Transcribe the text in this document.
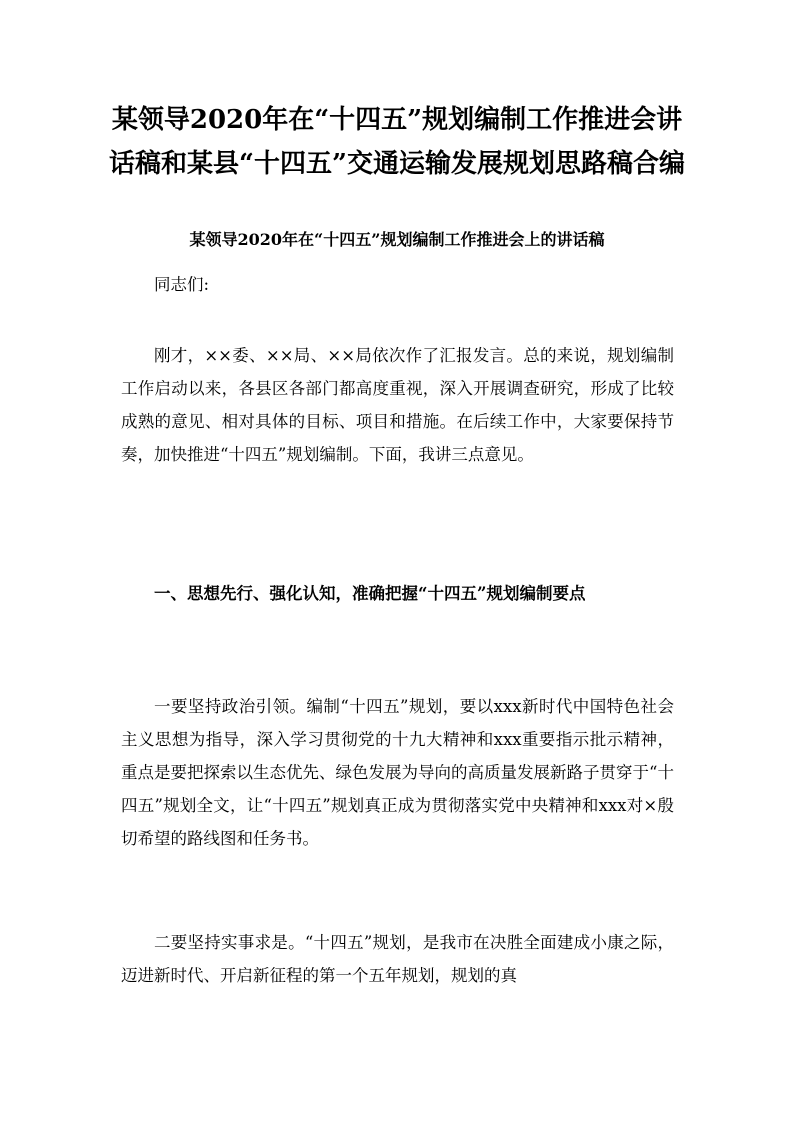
某领导2020年在“十四五”规划编制工作推进会讲
话稿和某县“十四五”交通运输发展规划思路稿合编
某领导2020年在“十四五”规划编制工作推进会上的讲话稿

同志们:

刚才，××委、××局、××局依次作了汇报发言。总的来说，规划编制工作启动以来，各县区各部门都高度重视，深入开展调查研究，形成了比较成熟的意见、相对具体的目标、项目和措施。在后续工作中，大家要保持节奏，加快推进“十四五”规划编制。下面，我讲三点意见。

一、思想先行、强化认知，准确把握“十四五”规划编制要点

一要坚持政治引领。编制“十四五”规划，要以xxx新时代中国特色社会主义思想为指导，深入学习贯彻党的十九大精神和xxx重要指示批示精神，重点是要把探索以生态优先、绿色发展为导向的高质量发展新路子贯穿于“十四五”规划全文，让“十四五”规划真正成为贯彻落实党中央精神和xxx对×殷切希望的路线图和任务书。

二要坚持实事求是。“十四五”规划，是我市在决胜全面建成小康之际，迈进新时代、开启新征程的第一个五年规划，规划的真
